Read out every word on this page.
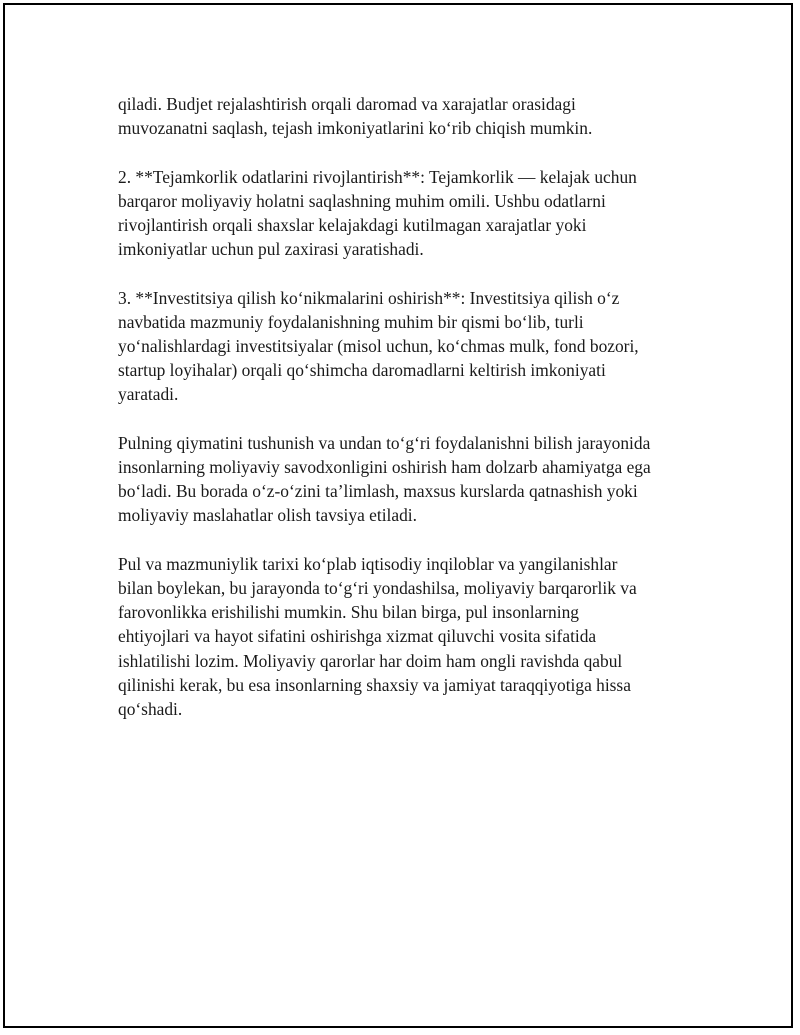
qiladi. Budjet rejalashtirish orqali daromad va xarajatlar orasidagi
muvozanatni saqlash, tejash imkoniyatlarini ko‘rib chiqish mumkin.

2. **Tejamkorlik odatlarini rivojlantirish**: Tejamkorlik — kelajak uchun
barqaror moliyaviy holatni saqlashning muhim omili. Ushbu odatlarni
rivojlantirish orqali shaxslar kelajakdagi kutilmagan xarajatlar yoki
imkoniyatlar uchun pul zaxirasi yaratishadi.

3. **Investitsiya qilish ko‘nikmalarini oshirish**: Investitsiya qilish o‘z
navbatida mazmuniy foydalanishning muhim bir qismi bo‘lib, turli
yo‘nalishlardagi investitsiyalar (misol uchun, ko‘chmas mulk, fond bozori,
startup loyihalar) orqali qo‘shimcha daromadlarni keltirish imkoniyati
yaratadi.

Pulning qiymatini tushunish va undan to‘g‘ri foydalanishni bilish jarayonida
insonlarning moliyaviy savodxonligini oshirish ham dolzarb ahamiyatga ega
bo‘ladi. Bu borada o‘z-o‘zini ta’limlash, maxsus kurslarda qatnashish yoki
moliyaviy maslahatlar olish tavsiya etiladi.

Pul va mazmuniylik tarixi ko‘plab iqtisodiy inqiloblar va yangilanishlar
bilan boylekan, bu jarayonda to‘g‘ri yondashilsa, moliyaviy barqarorlik va
farovonlikka erishilishi mumkin. Shu bilan birga, pul insonlarning
ehtiyojlari va hayot sifatini oshirishga xizmat qiluvchi vosita sifatida
ishlatilishi lozim. Moliyaviy qarorlar har doim ham ongli ravishda qabul
qilinishi kerak, bu esa insonlarning shaxsiy va jamiyat taraqqiyotiga hissa
qo‘shadi.
